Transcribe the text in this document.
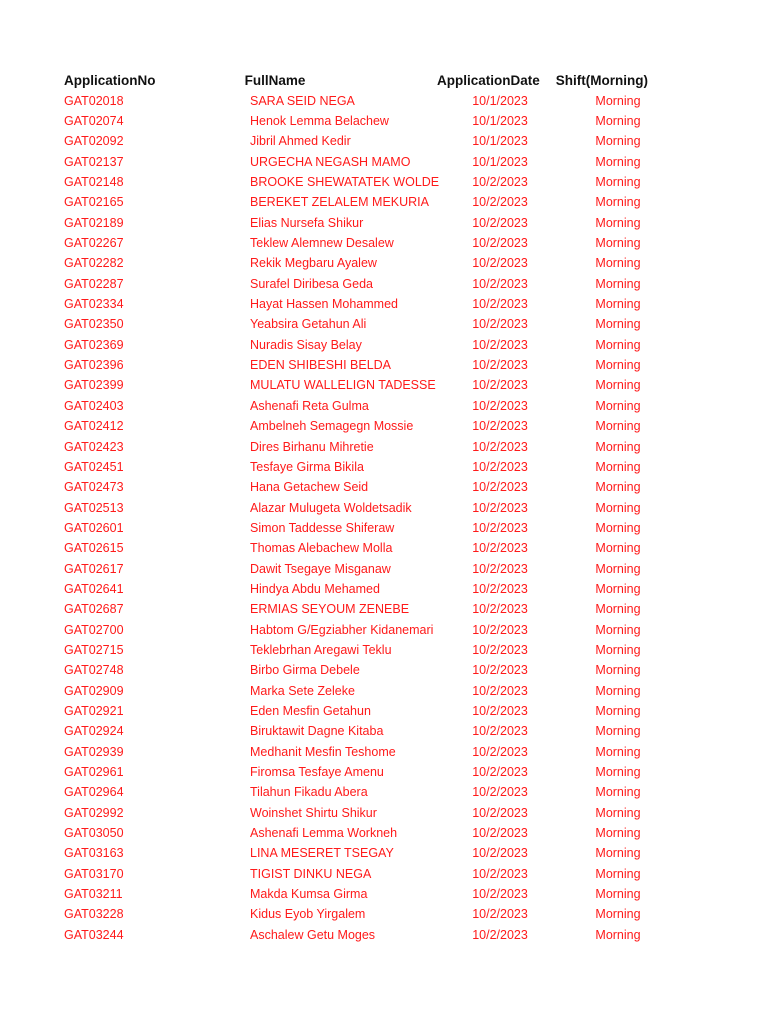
ApplicationNo	FullName	ApplicationDate	Shift(Morning)
GAT02018	SARA SEID NEGA	10/1/2023	Morning
GAT02074	Henok Lemma Belachew	10/1/2023	Morning
GAT02092	Jibril Ahmed Kedir	10/1/2023	Morning
GAT02137	URGECHA NEGASH MAMO	10/1/2023	Morning
GAT02148	BROOKE SHEWATATEK WOLDE	10/2/2023	Morning
GAT02165	BEREKET ZELALEM MEKURIA	10/2/2023	Morning
GAT02189	Elias Nursefa Shikur	10/2/2023	Morning
GAT02267	Teklew Alemnew Desalew	10/2/2023	Morning
GAT02282	Rekik Megbaru Ayalew	10/2/2023	Morning
GAT02287	Surafel Diribesa Geda	10/2/2023	Morning
GAT02334	Hayat Hassen Mohammed	10/2/2023	Morning
GAT02350	Yeabsira Getahun Ali	10/2/2023	Morning
GAT02369	Nuradis Sisay Belay	10/2/2023	Morning
GAT02396	EDEN SHIBESHI BELDA	10/2/2023	Morning
GAT02399	MULATU WALLELIGN TADESSE	10/2/2023	Morning
GAT02403	Ashenafi Reta Gulma	10/2/2023	Morning
GAT02412	Ambelneh Semagegn Mossie	10/2/2023	Morning
GAT02423	Dires Birhanu Mihretie	10/2/2023	Morning
GAT02451	Tesfaye Girma Bikila	10/2/2023	Morning
GAT02473	Hana Getachew Seid	10/2/2023	Morning
GAT02513	Alazar Mulugeta Woldetsadik	10/2/2023	Morning
GAT02601	Simon Taddesse Shiferaw	10/2/2023	Morning
GAT02615	Thomas Alebachew Molla	10/2/2023	Morning
GAT02617	Dawit Tsegaye Misganaw	10/2/2023	Morning
GAT02641	Hindya Abdu Mehamed	10/2/2023	Morning
GAT02687	ERMIAS SEYOUM ZENEBE	10/2/2023	Morning
GAT02700	Habtom G/Egziabher Kidanemari	10/2/2023	Morning
GAT02715	Teklebrhan Aregawi Teklu	10/2/2023	Morning
GAT02748	Birbo Girma Debele	10/2/2023	Morning
GAT02909	Marka Sete Zeleke	10/2/2023	Morning
GAT02921	Eden Mesfin Getahun	10/2/2023	Morning
GAT02924	Biruktawit Dagne Kitaba	10/2/2023	Morning
GAT02939	Medhanit Mesfin Teshome	10/2/2023	Morning
GAT02961	Firomsa Tesfaye Amenu	10/2/2023	Morning
GAT02964	Tilahun Fikadu Abera	10/2/2023	Morning
GAT02992	Woinshet Shirtu Shikur	10/2/2023	Morning
GAT03050	Ashenafi Lemma Workneh	10/2/2023	Morning
GAT03163	LINA MESERET TSEGAY	10/2/2023	Morning
GAT03170	TIGIST DINKU NEGA	10/2/2023	Morning
GAT03211	Makda Kumsa Girma	10/2/2023	Morning
GAT03228	Kidus Eyob Yirgalem	10/2/2023	Morning
GAT03244	Aschalew Getu Moges	10/2/2023	Morning
